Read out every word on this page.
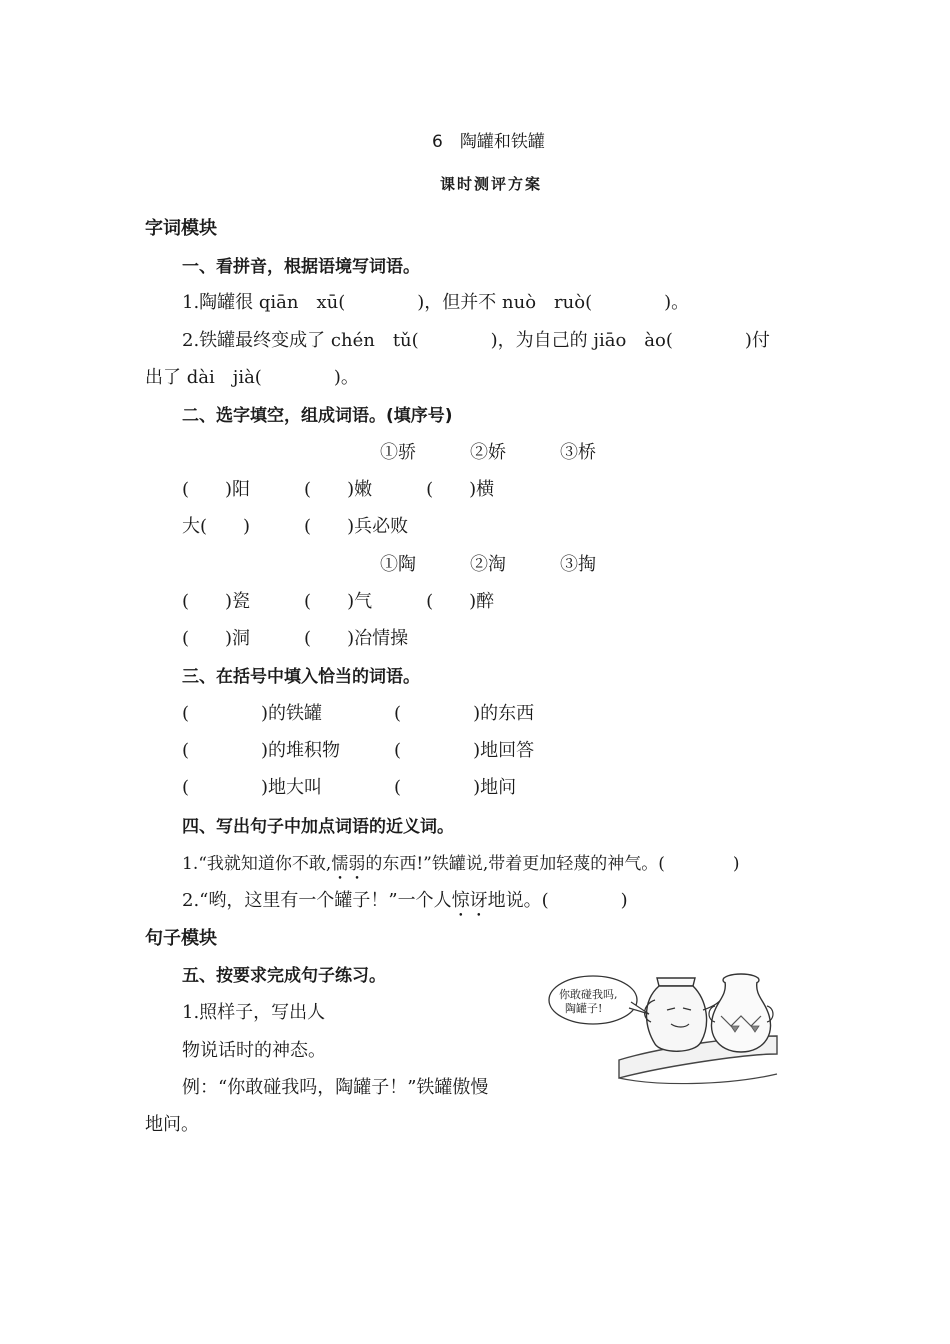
6　陶罐和铁罐
课时测评方案
字词模块
一、看拼音，根据语境写词语。
1.陶罐很 qiān　xū(　　　　)，但并不 nuò　ruò(　　　　)。
2.铁罐最终变成了 chén　tǔ(　　　　)，为自己的 jiāo　ào(　　　　)付
出了 dài　jià(　　　　)。
二、选字填空，组成词语。(填序号)
①骄　　　②娇　　　③桥
(　　)阳　　　(　　)嫩　　　(　　)横
大(　　)　　　(　　)兵必败
①陶　　　②淘　　　③掏
(　　)瓷　　　(　　)气　　　(　　)醉
(　　)洞　　　(　　)冶情操
三、在括号中填入恰当的词语。
(　　　　)的铁罐　　　　(　　　　)的东西
(　　　　)的堆积物　　　(　　　　)地回答
(　　　　)地大叫　　　　(　　　　)地问
四、写出句子中加点词语的近义词。
1.“我就知道你不敢,懦弱的东西!”铁罐说,带着更加轻蔑的神气。(　　　　)
2.“哟，这里有一个罐子！”一个人惊讶地说。(　　　　)
句子模块
五、按要求完成句子练习。
1.照样子，写出人
物说话时的神态。
例：“你敢碰我吗，陶罐子！”铁罐傲慢
地问。
你敢碰我吗,
陶罐子!
